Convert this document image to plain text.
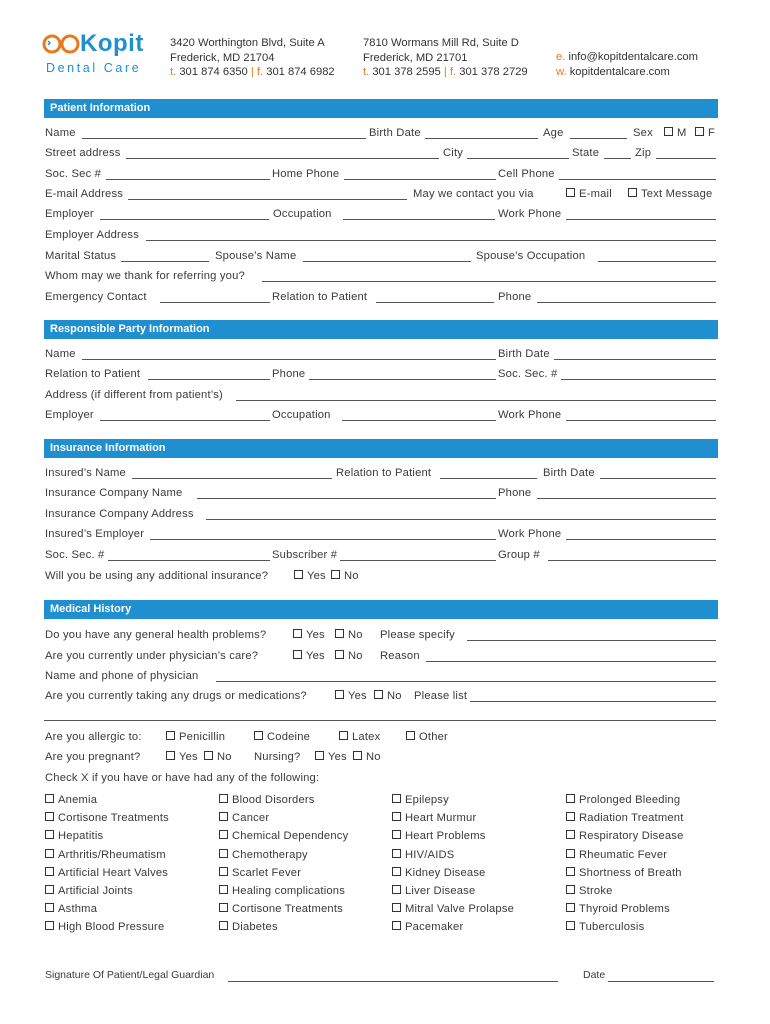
Kopit
Dental Care
3420 Worthington Blvd, Suite A
Frederick, MD 21704
t. 301 874 6350 | f. 301 874 6982
7810 Wormans Mill Rd, Suite D
Frederick, MD 21701
t. 301 378 2595 | f. 301 378 2729
e. info@kopitdentalcare.com
w. kopitdentalcare.com
Patient Information
Name	Birth Date	Age	Sex	M	F
Street address	City	State	Zip
Soc. Sec #	Home Phone	Cell Phone
E-mail Address	May we contact you via	E-mail	Text Message
Employer	Occupation	Work Phone
Employer Address
Marital Status	Spouse’s Name	Spouse’s Occupation
Whom may we thank for referring you?
Emergency Contact	Relation to Patient	Phone
Responsible Party Information
Name	Birth Date
Relation to Patient	Phone	Soc. Sec. #
Address (if different from patient’s)
Employer	Occupation	Work Phone
Insurance Information
Insured’s Name	Relation to Patient	Birth Date
Insurance Company Name	Phone
Insurance Company Address
Insured’s Employer	Work Phone
Soc. Sec. #	Subscriber #	Group #
Will you be using any additional insurance?	Yes	No
Medical History
Do you have any general health problems?	Yes	No Please specify
Are you currently under physician’s care?	Yes	No Reason
Name and phone of physician
Are you currently taking any drugs or medications?	Yes	No Please list
Are you allergic to:	Penicillin	Codeine	Latex	Other
Are you pregnant?	Yes	No Nursing?	Yes	No
Check X if you have or have had any of the following:
Anemia
Cortisone Treatments
Hepatitis
Arthritis/Rheumatism
Artificial Heart Valves
Artificial Joints
Asthma
High Blood Pressure
Blood Disorders
Cancer
Chemical Dependency
Chemotherapy
Scarlet Fever
Healing complications
Cortisone Treatments
Diabetes
Epilepsy
Heart Murmur
Heart Problems
HIV/AIDS
Kidney Disease
Liver Disease
Mitral Valve Prolapse
Pacemaker
Prolonged Bleeding
Radiation Treatment
Respiratory Disease
Rheumatic Fever
Shortness of Breath
Stroke
Thyroid Problems
Tuberculosis
Signature Of Patient/Legal Guardian	Date
